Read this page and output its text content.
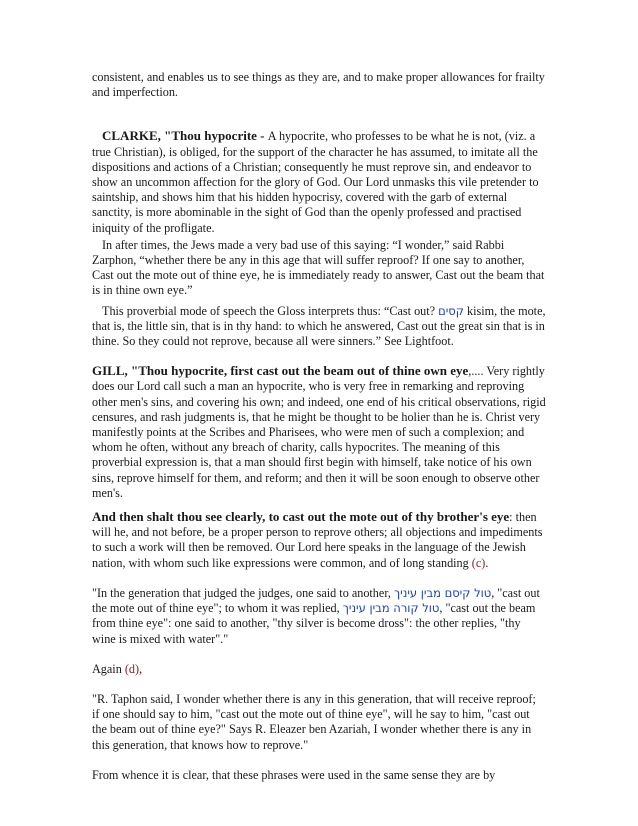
consistent, and enables us to see things as they are, and to make proper allowances for frailty and imperfection.

CLARKE, "Thou hypocrite - A hypocrite, who professes to be what he is not, (viz. a true Christian), is obliged, for the support of the character he has assumed, to imitate all the dispositions and actions of a Christian; consequently he must reprove sin, and endeavor to show an uncommon affection for the glory of God. Our Lord unmasks this vile pretender to saintship, and shows him that his hidden hypocrisy, covered with the garb of external sanctity, is more abominable in the sight of God than the openly professed and practised iniquity of the profligate.

In after times, the Jews made a very bad use of this saying: “I wonder,” said Rabbi Zarphon, “whether there be any in this age that will suffer reproof? If one say to another, Cast out the mote out of thine eye, he is immediately ready to answer, Cast out the beam that is in thine own eye.”

This proverbial mode of speech the Gloss interprets thus: “Cast out? קסים kisim, the mote, that is, the little sin, that is in thy hand: to which he answered, Cast out the great sin that is in thine. So they could not reprove, because all were sinners.” See Lightfoot.

GILL, "Thou hypocrite, first cast out the beam out of thine own eye,.... Very rightly does our Lord call such a man an hypocrite, who is very free in remarking and reproving other men's sins, and covering his own; and indeed, one end of his critical observations, rigid censures, and rash judgments is, that he might be thought to be holier than he is. Christ very manifestly points at the Scribes and Pharisees, who were men of such a complexion; and whom he often, without any breach of charity, calls hypocrites. The meaning of this proverbial expression is, that a man should first begin with himself, take notice of his own sins, reprove himself for them, and reform; and then it will be soon enough to observe other men's.

And then shalt thou see clearly, to cast out the mote out of thy brother's eye: then will he, and not before, be a proper person to reprove others; all objections and impediments to such a work will then be removed. Our Lord here speaks in the language of the Jewish nation, with whom such like expressions were common, and of long standing (c).

"In the generation that judged the judges, one said to another, טול קיסם מבין עיניך, "cast out the mote out of thine eye"; to whom it was replied, טול קורה מבין עיניך, "cast out the beam from thine eye": one said to another, "thy silver is become dross": the other replies, "thy wine is mixed with water"."

Again (d),

"R. Taphon said, I wonder whether there is any in this generation, that will receive reproof; if one should say to him, "cast out the mote out of thine eye", will he say to him, "cast out the beam out of thine eye?" Says R. Eleazer ben Azariah, I wonder whether there is any in this generation, that knows how to reprove."

From whence it is clear, that these phrases were used in the same sense they are by
